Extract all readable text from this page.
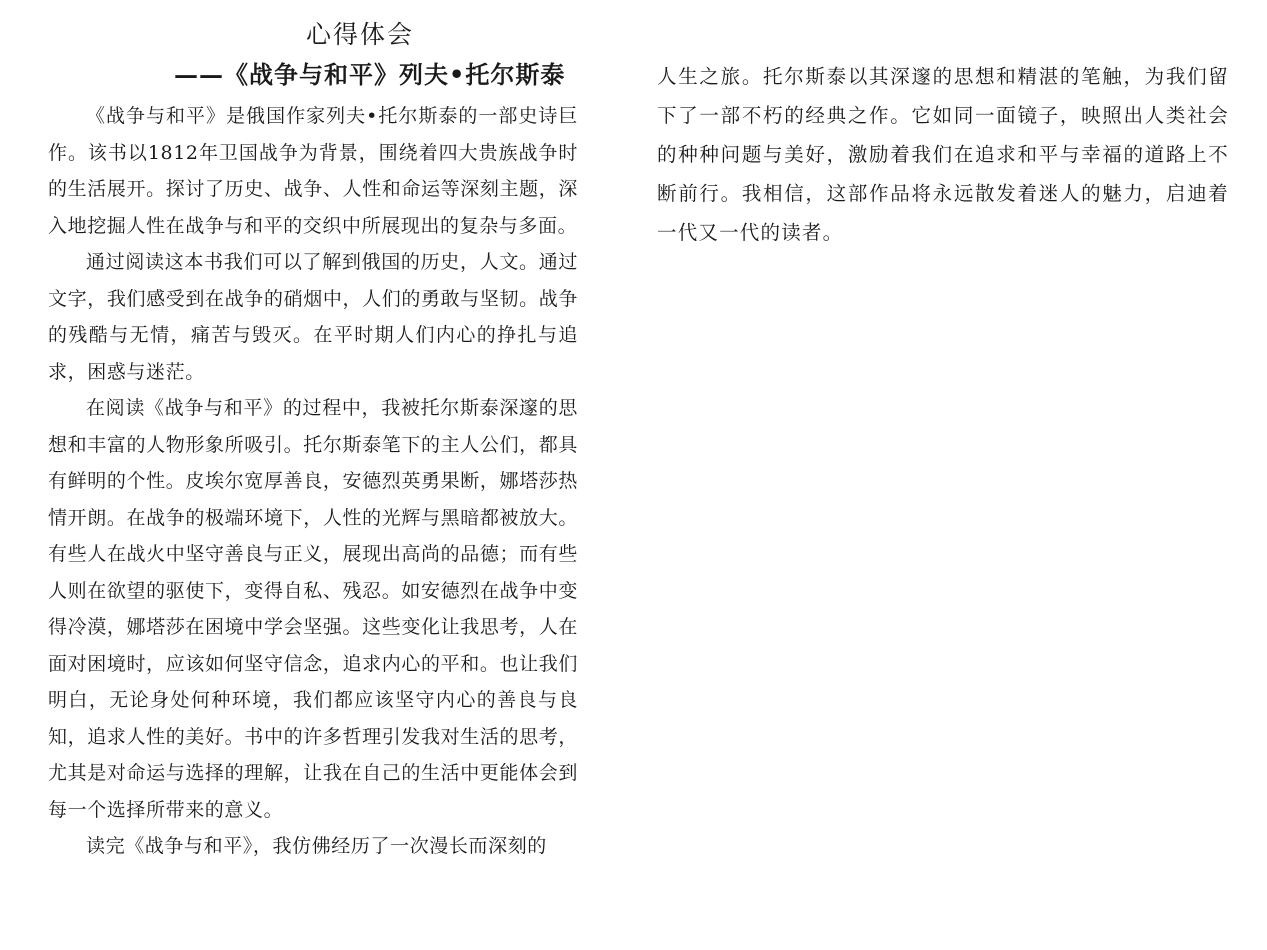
心得体会
——《战争与和平》列夫•托尔斯泰

《战争与和平》是俄国作家列夫•托尔斯泰的一部史诗巨作。该书以1812年卫国战争为背景，围绕着四大贵族战争时的生活展开。探讨了历史、战争、人性和命运等深刻主题，深入地挖掘人性在战争与和平的交织中所展现出的复杂与多面。

通过阅读这本书我们可以了解到俄国的历史，人文。通过文字，我们感受到在战争的硝烟中，人们的勇敢与坚韧。战争的残酷与无情，痛苦与毁灭。在平时期人们内心的挣扎与追求，困惑与迷茫。

在阅读《战争与和平》的过程中，我被托尔斯泰深邃的思想和丰富的人物形象所吸引。托尔斯泰笔下的主人公们，都具有鲜明的个性。皮埃尔宽厚善良，安德烈英勇果断，娜塔莎热情开朗。在战争的极端环境下，人性的光辉与黑暗都被放大。有些人在战火中坚守善良与正义，展现出高尚的品德；而有些人则在欲望的驱使下，变得自私、残忍。如安德烈在战争中变得冷漠，娜塔莎在困境中学会坚强。这些变化让我思考，人在面对困境时，应该如何坚守信念，追求内心的平和。也让我们明白，无论身处何种环境，我们都应该坚守内心的善良与良知，追求人性的美好。书中的许多哲理引发我对生活的思考，尤其是对命运与选择的理解，让我在自己的生活中更能体会到每一个选择所带来的意义。

读完《战争与和平》，我仿佛经历了一次漫长而深刻的

人生之旅。托尔斯泰以其深邃的思想和精湛的笔触，为我们留下了一部不朽的经典之作。它如同一面镜子，映照出人类社会的种种问题与美好，激励着我们在追求和平与幸福的道路上不断前行。我相信，这部作品将永远散发着迷人的魅力，启迪着一代又一代的读者。
